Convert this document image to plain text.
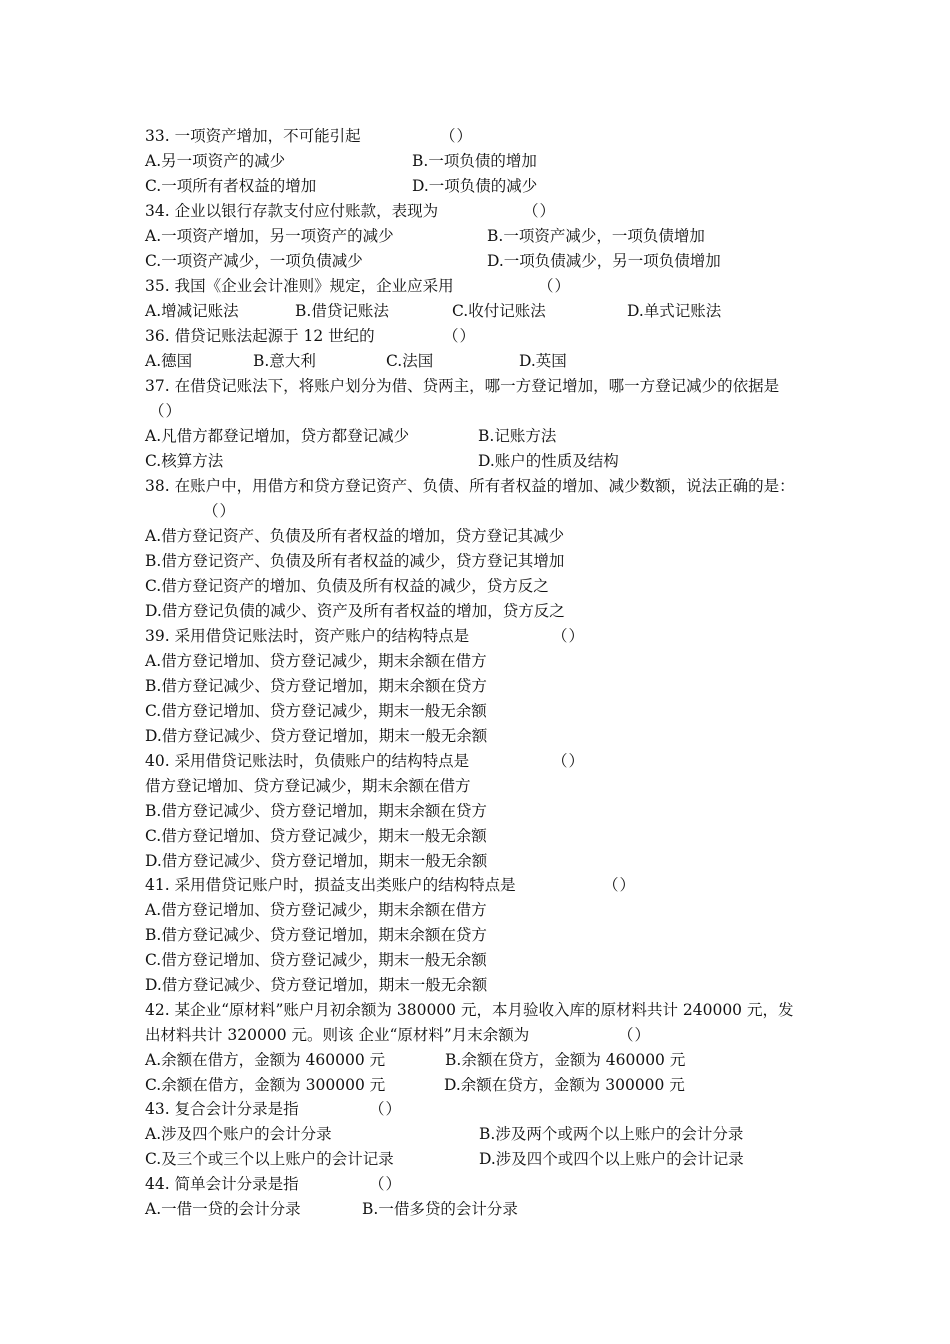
33. 一项资产增加，不可能引起	（）
A.另一项资产的减少	B.一项负债的增加
C.一项所有者权益的增加	D.一项负债的减少
34. 企业以银行存款支付应付账款，表现为	（）
A.一项资产增加，另一项资产的减少	B.一项资产减少，一项负债增加
C.一项资产减少，一项负债减少	D.一项负债减少，另一项负债增加
35. 我国《企业会计准则》规定，企业应采用	（）
A.增减记账法	B.借贷记账法	C.收付记账法	D.单式记账法
36. 借贷记账法起源于 12 世纪的	（）
A.德国	B.意大利	C.法国	D.英国
37. 在借贷记账法下，将账户划分为借、贷两主，哪一方登记增加，哪一方登记减少的依据是
（）
A.凡借方都登记增加，贷方都登记减少	B.记账方法
C.核算方法	D.账户的性质及结构
38. 在账户中，用借方和贷方登记资产、负债、所有者权益的增加、减少数额，说法正确的是：
（）
A.借方登记资产、负债及所有者权益的增加，贷方登记其减少
B.借方登记资产、负债及所有者权益的减少，贷方登记其增加
C.借方登记资产的增加、负债及所有权益的减少，贷方反之
D.借方登记负债的减少、资产及所有者权益的增加，贷方反之
39. 采用借贷记账法时，资产账户的结构特点是	（）
A.借方登记增加、贷方登记减少，期末余额在借方
B.借方登记减少、贷方登记增加，期末余额在贷方
C.借方登记增加、贷方登记减少，期末一般无余额
D.借方登记减少、贷方登记增加，期末一般无余额
40. 采用借贷记账法时，负债账户的结构特点是	（）
借方登记增加、贷方登记减少，期末余额在借方
B.借方登记减少、贷方登记增加，期末余额在贷方
C.借方登记增加、贷方登记减少，期末一般无余额
D.借方登记减少、贷方登记增加，期末一般无余额
41. 采用借贷记账户时，损益支出类账户的结构特点是	（）
A.借方登记增加、贷方登记减少，期末余额在借方
B.借方登记减少、贷方登记增加，期末余额在贷方
C.借方登记增加、贷方登记减少，期末一般无余额
D.借方登记减少、贷方登记增加，期末一般无余额
42. 某企业“原材料”账户月初余额为 380000 元，本月验收入库的原材料共计 240000 元，发
出材料共计 320000 元。则该 企业“原材料”月末余额为	（）
A.余额在借方，金额为 460000 元	B.余额在贷方，金额为 460000 元
C.余额在借方，金额为 300000 元	D.余额在贷方，金额为 300000 元
43. 复合会计分录是指	（）
A.涉及四个账户的会计分录	B.涉及两个或两个以上账户的会计分录
C.及三个或三个以上账户的会计记录	D.涉及四个或四个以上账户的会计记录
44. 简单会计分录是指	（）
A.一借一贷的会计分录	B.一借多贷的会计分录
